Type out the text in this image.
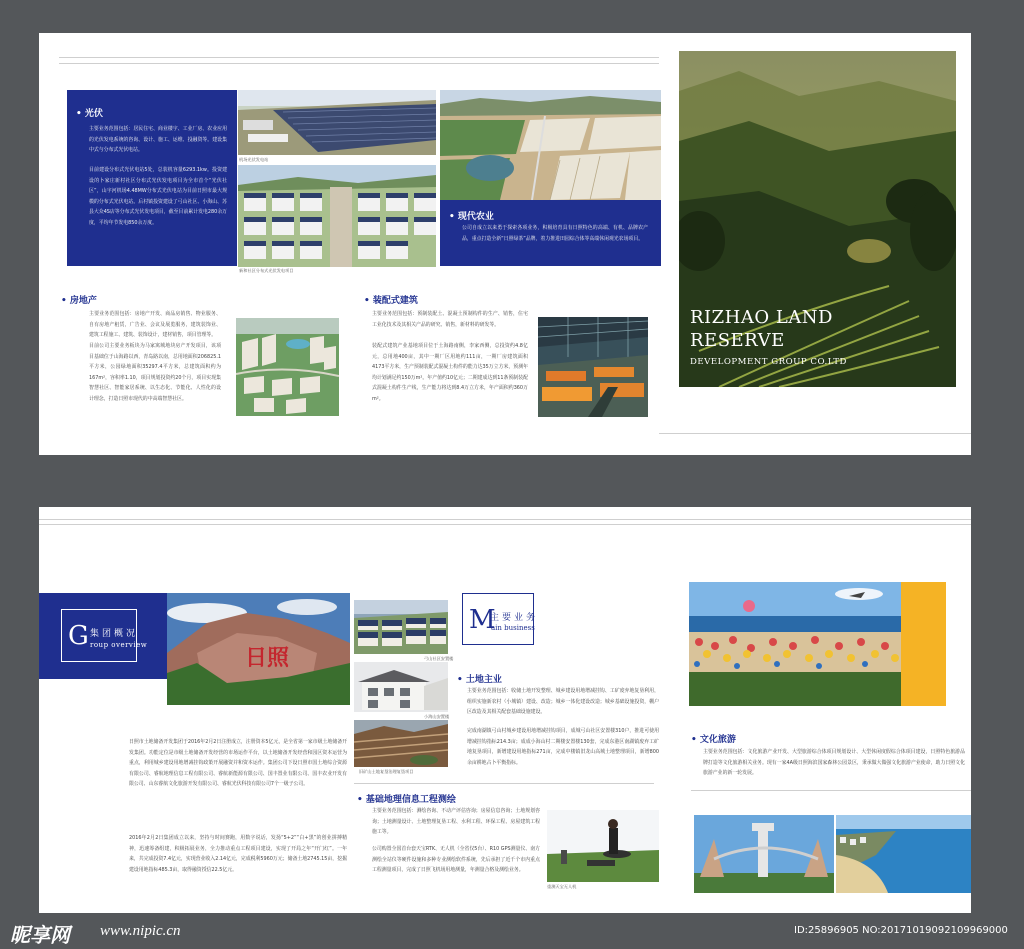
• 光伏
主要业务范围包括：居民住宅、商业楼宇、工业厂房、农业应用的光伏发电系统的咨询、设计、施工、运维、投融资等。建设集中式与分布式光伏电站。
目前建设分布式光伏电站5处，总装机容量6293.1kw。投资建设的卜家庄新村社区分布式光伏发电项目为全市首个“光伏社区”，山字河机场4.48MW分布式光伏电站为目前日照市最大规模的分布式光伏电站。后村镇投资建设了弓山社区、小海山、苏县大众4S店等分布式光伏发电项目，截至目前累计发电280余万度，平均年节发电850余万度。
机场光伏发电站
新和社区分布式光伏发电项目
• 现代农业
公司自成立以来勇于探索各项业务，积极培育具有日照特色的高端、有机、品牌农产品，重点打造全新“日照绿茶”品牌，着力推进田园综合体等高端休闲观光农场项目。
• 房地产
主要业务范围包括：房地产开发、商品房销售、物业服务、自有房地产租赁，广告业、会议及展览服务，建筑装饰业、建筑工程施工、建筑、装饰设计，建材销售，项目管理等。
目前公司主要业务板块为马家寓城地块房产开发项目，该项目基础位于山海路以西，青岛路以南，总用地面积206825.1平方米，公园绿地面积35297.4平方米，总建筑面积约为167m²，容积率1.10，项目规划投资约20个月，项目实现集智慧社区、智能家居系统、以生态化、节能化、人性化的设计理念，打造日照市现代的中高端智慧社区。
• 装配式建筑
主要业务范围包括：预制装配土、混凝土预制构件的生产、销售，住宅工业化技术及其相关产品的研究、销售，新材料的研发等。
装配式建筑产业基地项目位于土海路南侧，李家西侧，总投资约4.8亿元，总用地400亩，其中一期厂区用地约111亩，一期厂房建筑面积4173平方米，生产预制装配式混凝土构件的能力达35万立方米，预测年均计划满足约150万m²。年产值约10亿元；二期建成达到11条预制装配式混凝土构件生产线，生产能力将达到8.4万立方米，年产面积约360万m²。
RIZHAO LAND
RESERVE
DEVELOPMENT GROUP CO.LTD
G 集团概况
roup overview	日照
日照市土地储备开发集团于2016年2月2日注册成立，注册资本5亿元，是全省第一家市级土地储备开发集团。功能定位是市级土地储备开发经营的市场运作平台，以土地储备开发经营和园区资本运营为重点，利用城乡建设用地增减挂钩政策开展融资并和资本运作。集团公司下设日照市国土地综合资源有限公司、睿航地理信息工程有限公司、睿航新能源有限公司、国丰置业有限公司、国丰农业开发有限公司、山东睿航文化旅游开发有限公司、睿航光伏科技有限公司7个一级子公司。
2016年2月2日集团成立以来，坚持与时间赛跑，用数字说话，发扬“5+2”“白+黑”的创业拼搏精神，迅速筹备组建，积极拓展业务，全力推动重点工程项目建设，实现了开局之年“开门红”。一年来，共完成投资7.4亿元，实现营业收入2.14亿元，完成税利5960万元；储备土地2745.15亩，挖掘建设用地指标485.3亩，取得融资授信22.5亿元。
弓山社区安置楼
小海山安置楼
旧矿山土地复垦治理复垦项目
M
主要业务
ain business
• 土地主业
主要业务范围包括：收储土地开发整理、城乡建设用地增减挂钩、工矿废弃地复垦利用，组织实施新农村（小城镇）建设、改造；城乡一体化建设改造；城乡基础设施投资，棚户区改造及其相关配套基础设施建设。
完成南湖镇弓山村城乡建设用地增减挂钩项目，成城弓山社区安置楼310户，推进可使用增减挂钩指标214.3亩；成成小海山村二期楼安置楼130套，完成东港区南湖镇废弃工矿地复垦项目，新增建设用地指标271亩，完成中楼镇旧龙山高城土地整理项目，新增800余亩耕地占卜平衡指标。
• 基础地理信息工程测绘
主要业务范围包括：测绘咨询、不动产评估咨询；房屋信息咨询；土地规划咨询；土地测量设计、土地整理复垦工程、水利工程、环保工程、房屋建筑工程施工等。
公司购置全国首台套天宝RTK、无人机（全省仅5台）、R10 GPS测量仪、南方测绘全站仪等硬件设施和多种专业测绘软件系统，先后承担了近千个市内重点工程测量项目，完成了日照飞机场用地测量，年测量合格及测绘业务。
重测天宝无人机
• 文化旅游
主要业务范围包括：文化旅游产业开发、大型旅游综合体项目规划设计、大型休闲度假综合体项目建设，日照特色旅游品牌打造等文化旅游相关业务。现有一家4A级日照海滨国家森林公园景区，秉承做大做强文化旅游产业使命，助力日照文化旅游产业的新一轮发展。
昵享网 www.nipic.cn	ID:25896905 NO:20171019092109969000
